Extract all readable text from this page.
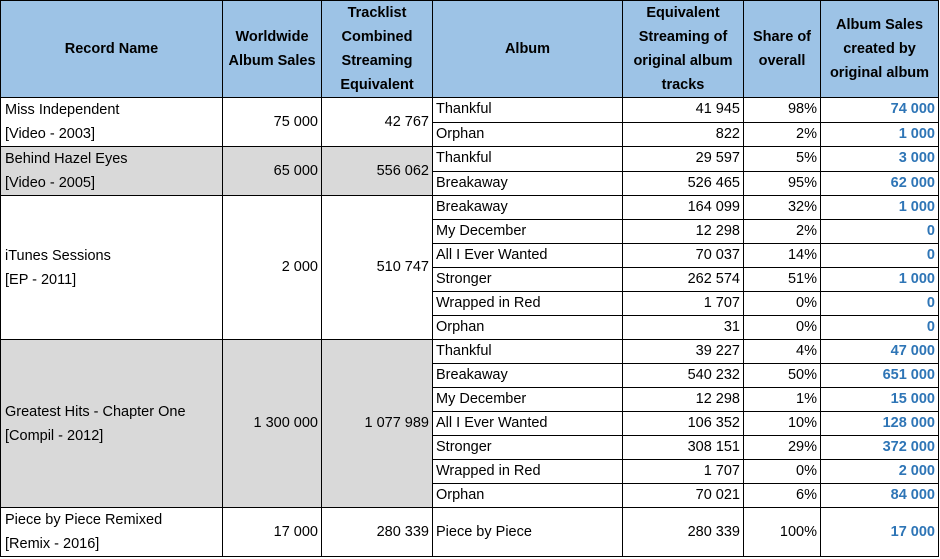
Record Name	Worldwide Album Sales	Tracklist Combined Streaming Equivalent	Album	Equivalent Streaming of original album tracks	Share of overall	Album Sales created by original album

Miss Independent
[Video - 2003]	75 000	42 767	Thankful	41 945	98%	74 000
			Orphan	822	2%	1 000

Behind Hazel Eyes
[Video - 2005]	65 000	556 062	Thankful	29 597	5%	3 000
			Breakaway	526 465	95%	62 000

iTunes Sessions
[EP - 2011]	2 000	510 747	Breakaway	164 099	32%	1 000
			My December	12 298	2%	0
			All I Ever Wanted	70 037	14%	0
			Stronger	262 574	51%	1 000
			Wrapped in Red	1 707	0%	0
			Orphan	31	0%	0

Greatest Hits - Chapter One
[Compil - 2012]	1 300 000	1 077 989	Thankful	39 227	4%	47 000
			Breakaway	540 232	50%	651 000
			My December	12 298	1%	15 000
			All I Ever Wanted	106 352	10%	128 000
			Stronger	308 151	29%	372 000
			Wrapped in Red	1 707	0%	2 000
			Orphan	70 021	6%	84 000

Piece by Piece Remixed
[Remix - 2016]	17 000	280 339	Piece by Piece	280 339	100%	17 000
